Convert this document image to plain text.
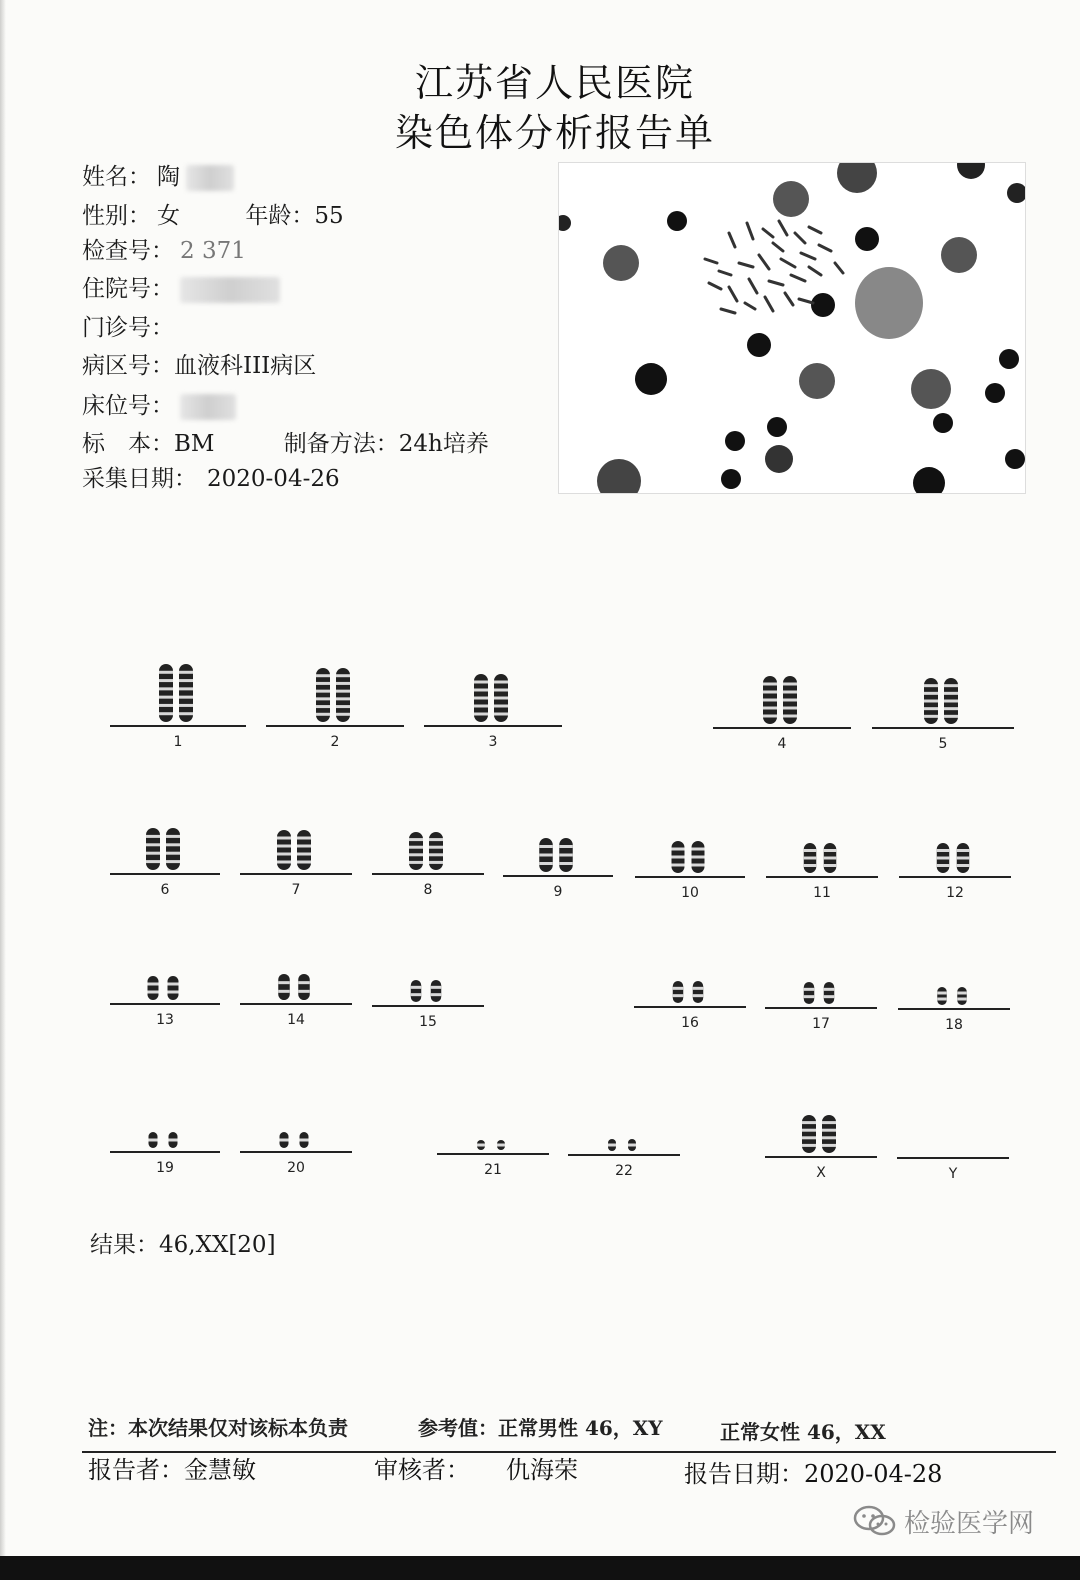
江苏省人民医院
染色体分析报告单
姓名： 陶
性别： 女	年龄：55
检查号： 2 371
住院号：
门诊号：
病区号：血液科III病区
床位号：
标　本：BM	制备方法：24h培养
采集日期： 2020-04-26
1	2	3	4	5
6	7	8	9	10	11	12
13	14	15	16	17	18
19	20	21	22	X	Y
结果：46,XX[20]
注：本次结果仅对该标本负责	参考值：正常男性 46，XY	正常女性 46，XX
报告者：金慧敏	审核者： 仇海荣	报告日期：2020-04-28
检验医学网
